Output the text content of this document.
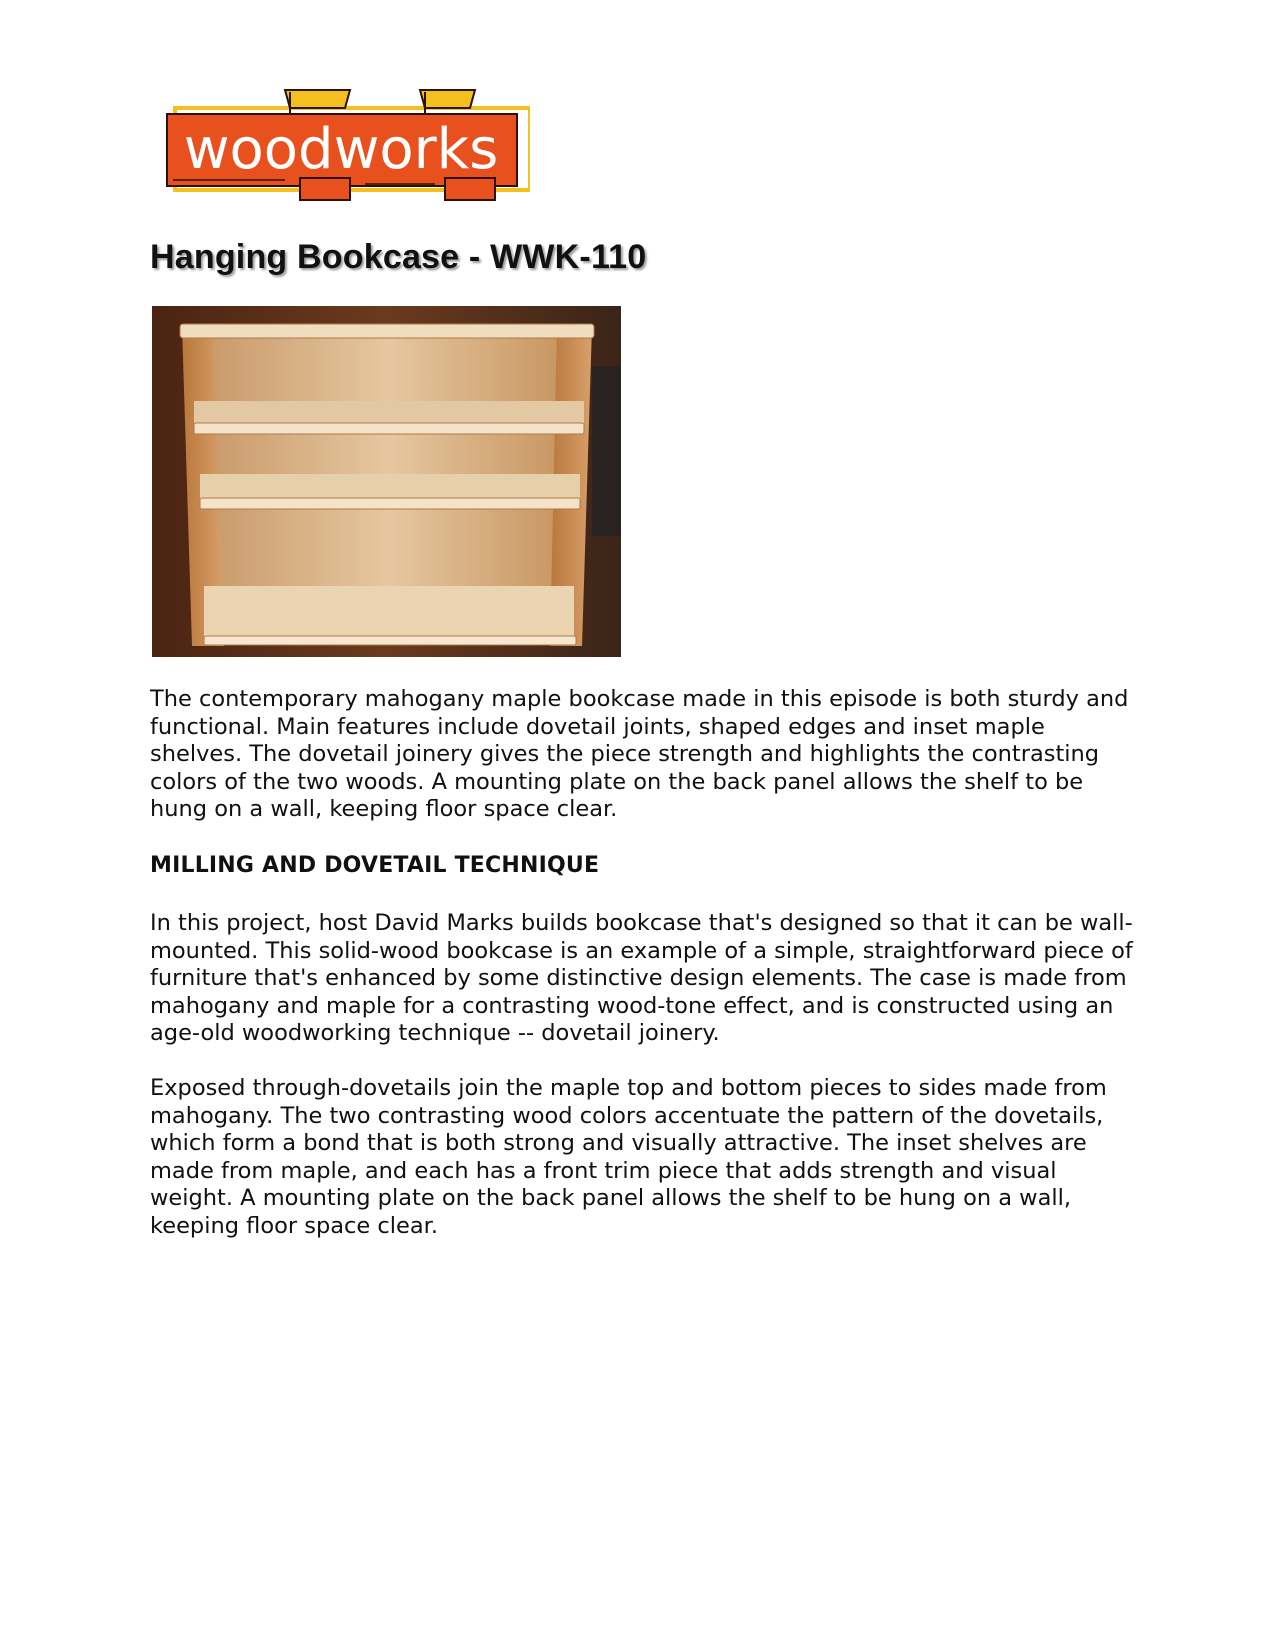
woodworks
Hanging Bookcase - WWK-110

The contemporary mahogany maple bookcase made in this episode is both sturdy and functional. Main features include dovetail joints, shaped edges and inset maple shelves. The dovetail joinery gives the piece strength and highlights the contrasting colors of the two woods. A mounting plate on the back panel allows the shelf to be hung on a wall, keeping floor space clear.

MILLING AND DOVETAIL TECHNIQUE

In this project, host David Marks builds bookcase that's designed so that it can be wall-mounted. This solid-wood bookcase is an example of a simple, straightforward piece of furniture that's enhanced by some distinctive design elements. The case is made from mahogany and maple for a contrasting wood-tone effect, and is constructed using an age-old woodworking technique -- dovetail joinery.

Exposed through-dovetails join the maple top and bottom pieces to sides made from mahogany. The two contrasting wood colors accentuate the pattern of the dovetails, which form a bond that is both strong and visually attractive. The inset shelves are made from maple, and each has a front trim piece that adds strength and visual weight. A mounting plate on the back panel allows the shelf to be hung on a wall, keeping floor space clear.
